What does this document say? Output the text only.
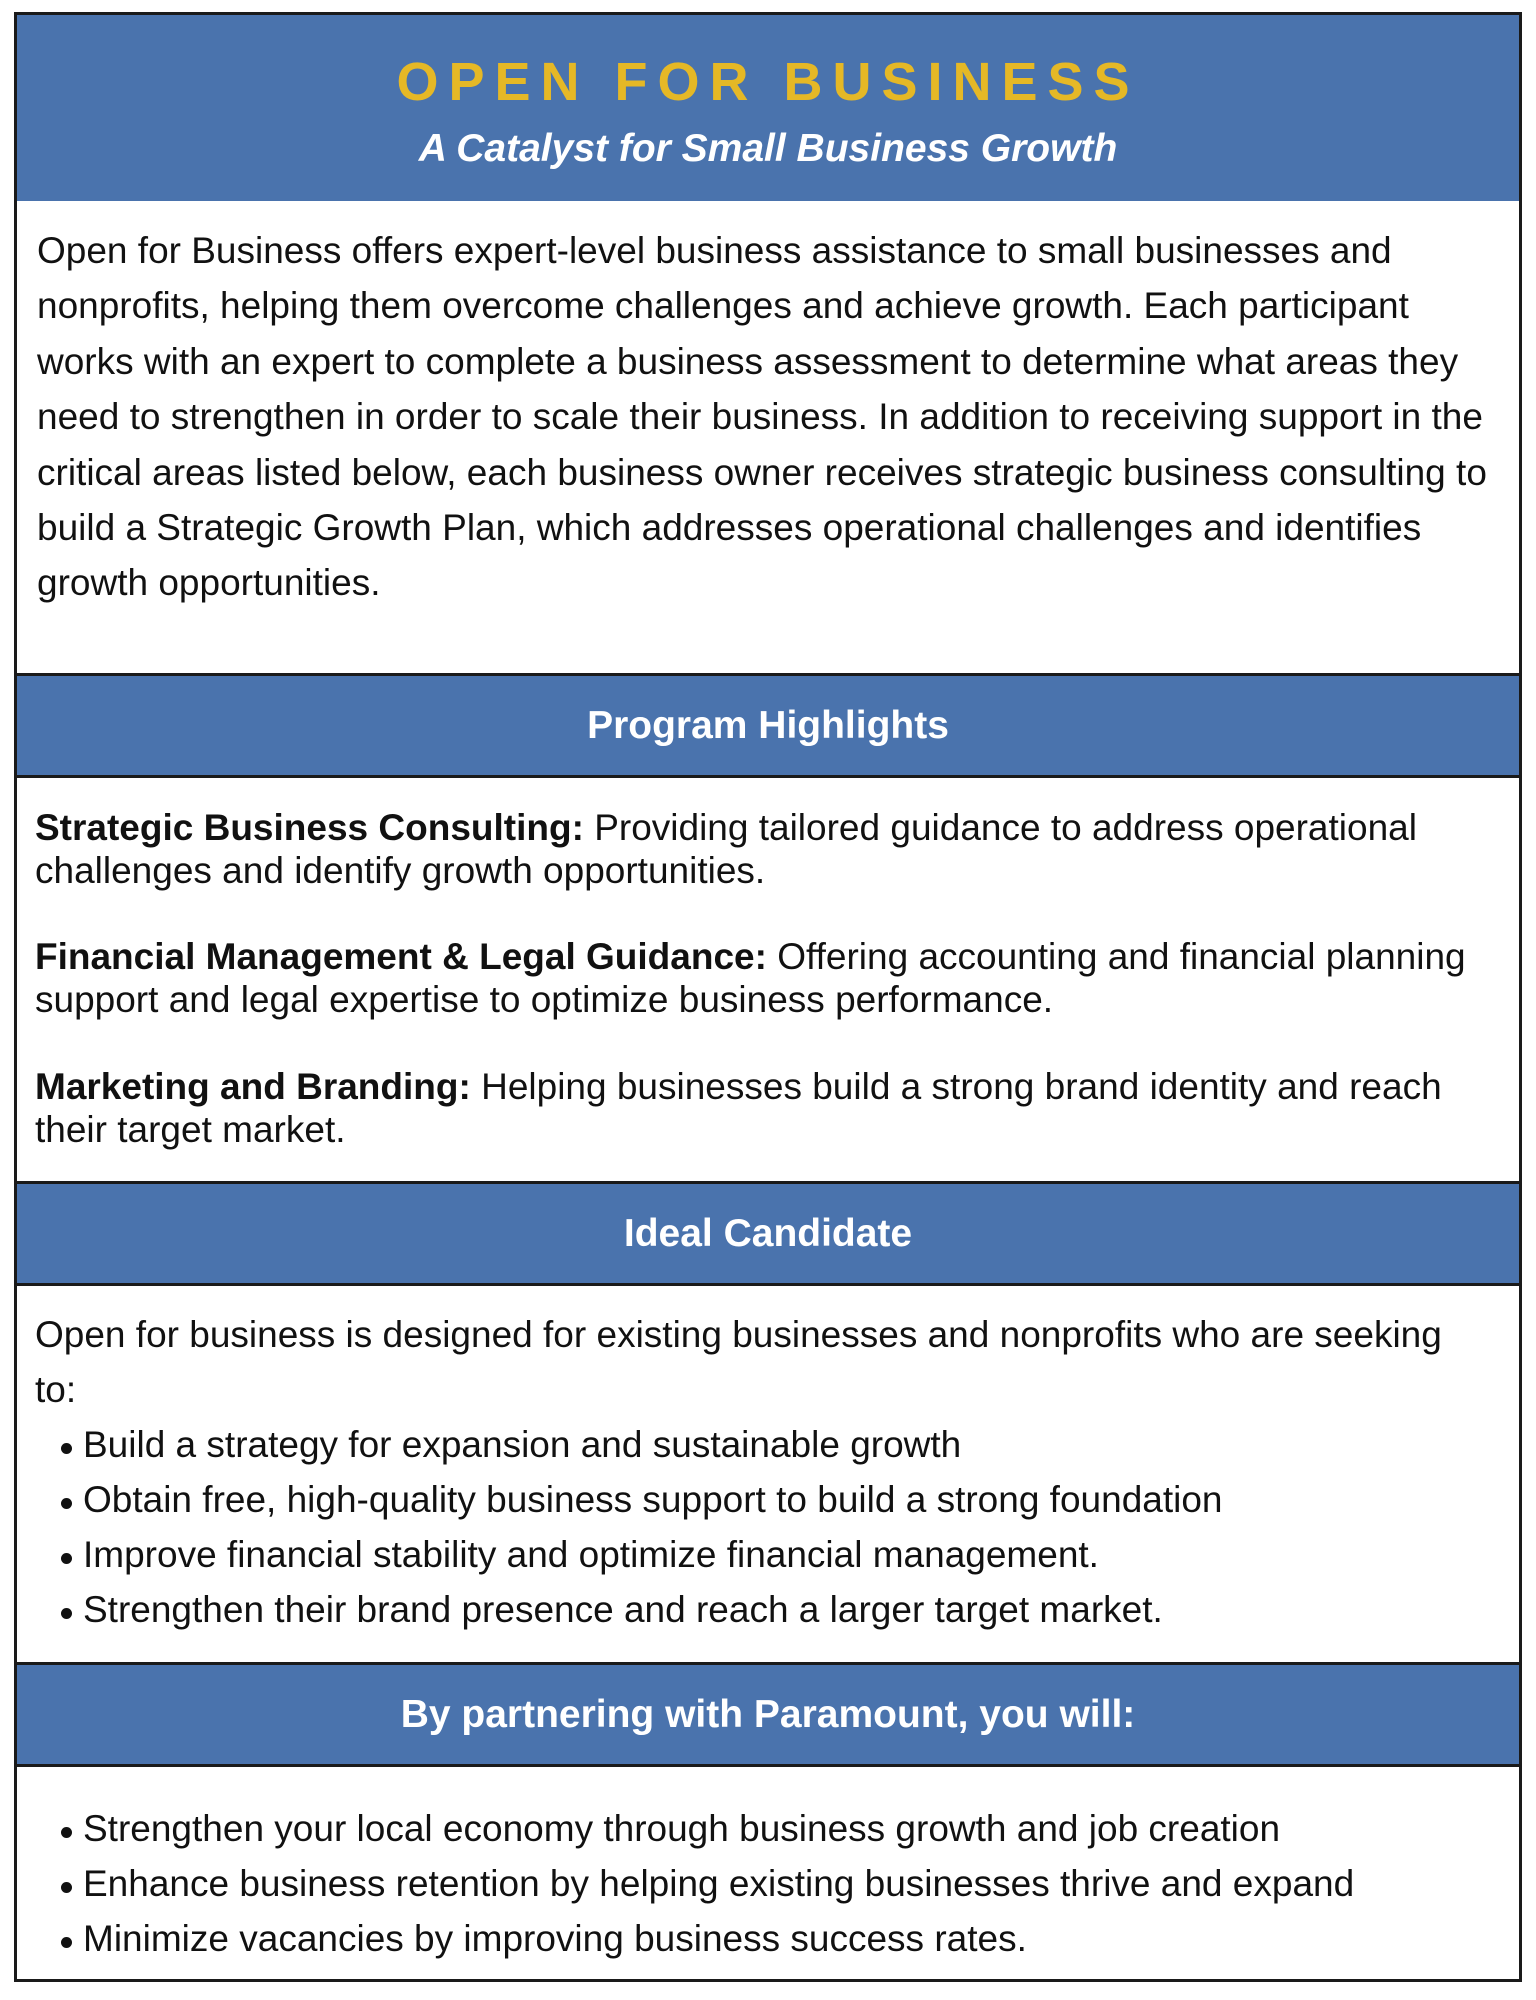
OPEN FOR BUSINESS
A Catalyst for Small Business Growth
Open for Business offers expert-level business assistance to small businesses and nonprofits, helping them overcome challenges and achieve growth. Each participant works with an expert to complete a business assessment to determine what areas they need to strengthen in order to scale their business. In addition to receiving support in the critical areas listed below, each business owner receives strategic business consulting to build a Strategic Growth Plan, which addresses operational challenges and identifies growth opportunities.
Program Highlights
Strategic Business Consulting: Providing tailored guidance to address operational challenges and identify growth opportunities.
Financial Management & Legal Guidance: Offering accounting and financial planning support and legal expertise to optimize business performance.
Marketing and Branding: Helping businesses build a strong brand identity and reach their target market.
Ideal Candidate
Open for business is designed for existing businesses and nonprofits who are seeking to:
Build a strategy for expansion and sustainable growth
Obtain free, high-quality business support to build a strong foundation
Improve financial stability and optimize financial management.
Strengthen their brand presence and reach a larger target market.
By partnering with Paramount, you will:
Strengthen your local economy through business growth and job creation
Enhance business retention by helping existing businesses thrive and expand
Minimize vacancies by improving business success rates.
